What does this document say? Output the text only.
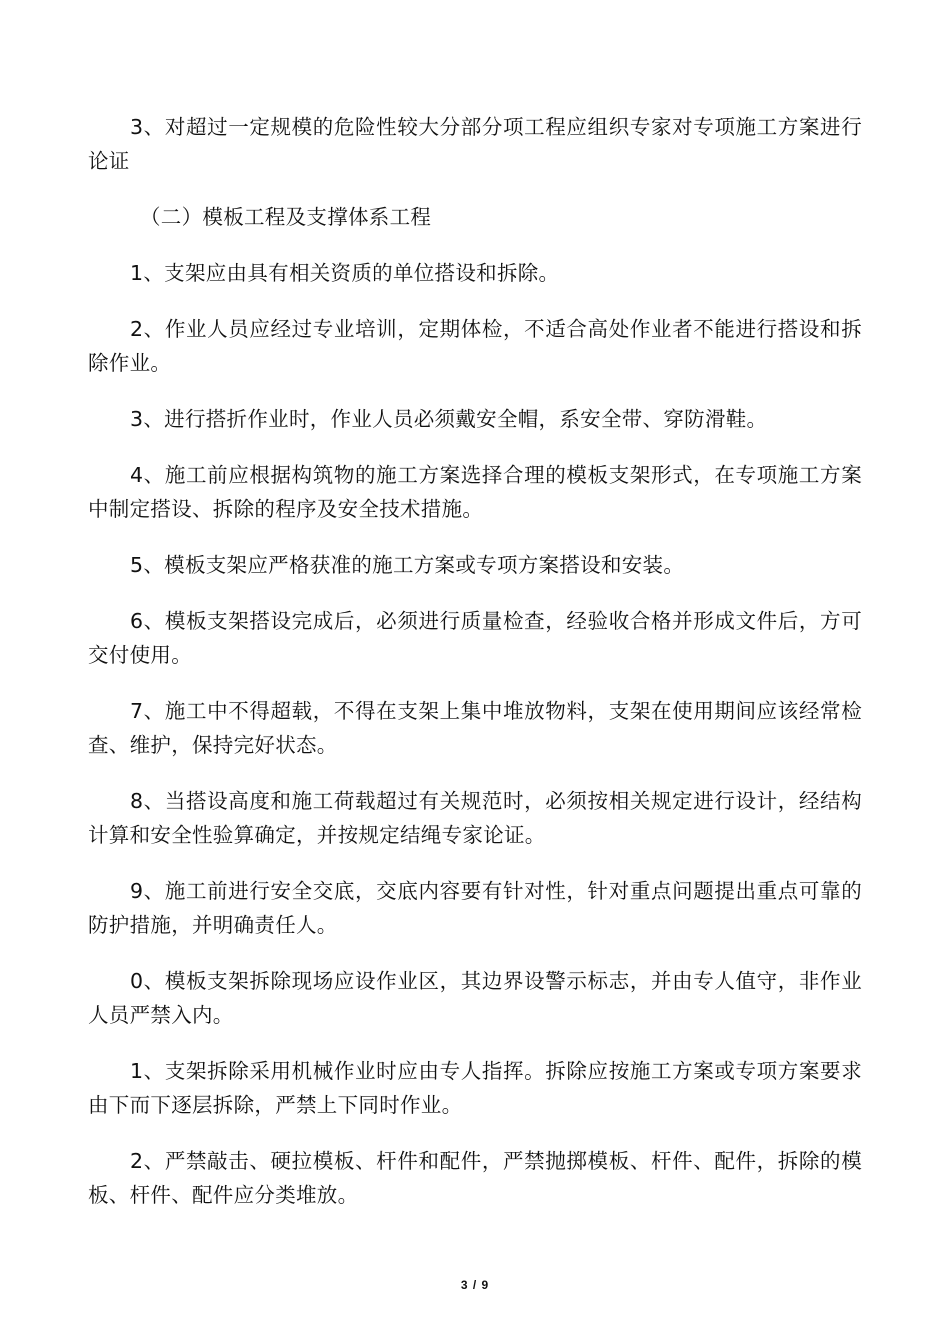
3、对超过一定规模的危险性较大分部分项工程应组织专家对专项施工方案进行论证

（二）模板工程及支撑体系工程

1、支架应由具有相关资质的单位搭设和拆除。

2、作业人员应经过专业培训，定期体检，不适合高处作业者不能进行搭设和拆除作业。

3、进行搭折作业时，作业人员必须戴安全帽，系安全带、穿防滑鞋。

4、施工前应根据构筑物的施工方案选择合理的模板支架形式，在专项施工方案中制定搭设、拆除的程序及安全技术措施。

5、模板支架应严格获准的施工方案或专项方案搭设和安装。

6、模板支架搭设完成后，必须进行质量检查，经验收合格并形成文件后，方可交付使用。

7、施工中不得超载，不得在支架上集中堆放物料，支架在使用期间应该经常检查、维护，保持完好状态。

8、当搭设高度和施工荷载超过有关规范时，必须按相关规定进行设计，经结构计算和安全性验算确定，并按规定结绳专家论证。

9、施工前进行安全交底，交底内容要有针对性，针对重点问题提出重点可靠的防护措施，并明确责任人。

0、模板支架拆除现场应设作业区，其边界设警示标志，并由专人值守，非作业人员严禁入内。

1、支架拆除采用机械作业时应由专人指挥。拆除应按施工方案或专项方案要求由下而下逐层拆除，严禁上下同时作业。

2、严禁敲击、硬拉模板、杆件和配件，严禁抛掷模板、杆件、配件，拆除的模板、杆件、配件应分类堆放。

3 / 9
